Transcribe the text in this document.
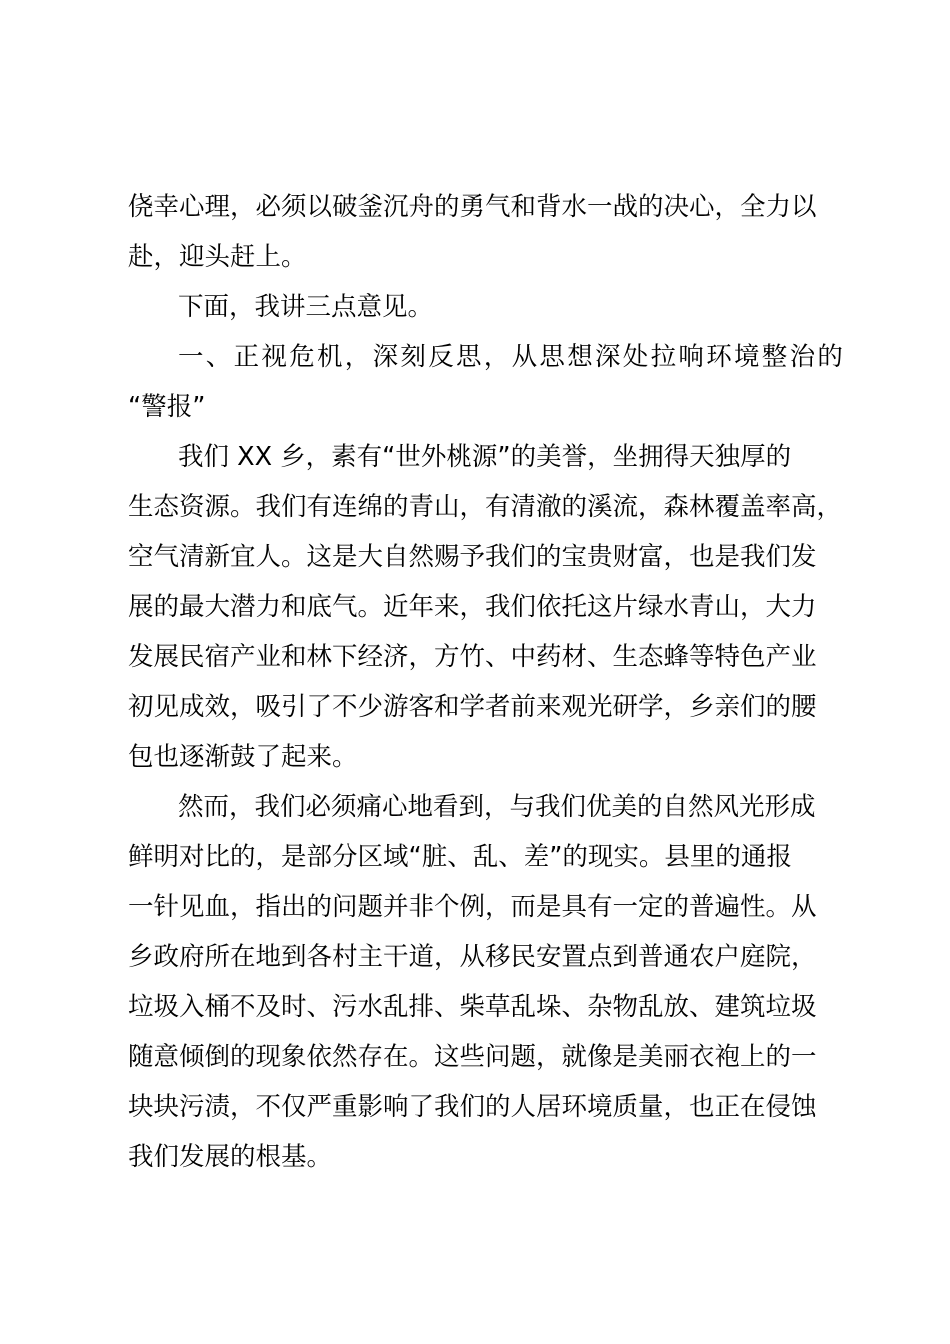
侥幸心理，必须以破釜沉舟的勇气和背水一战的决心，全力以
赴，迎头赶上。
下面，我讲三点意见。
一、正视危机，深刻反思，从思想深处拉响环境整治的
“警报”
我们 XX 乡，素有“世外桃源”的美誉，坐拥得天独厚的
生态资源。我们有连绵的青山，有清澈的溪流，森林覆盖率高，
空气清新宜人。这是大自然赐予我们的宝贵财富，也是我们发
展的最大潜力和底气。近年来，我们依托这片绿水青山，大力
发展民宿产业和林下经济，方竹、中药材、生态蜂等特色产业
初见成效，吸引了不少游客和学者前来观光研学，乡亲们的腰
包也逐渐鼓了起来。
然而，我们必须痛心地看到，与我们优美的自然风光形成
鲜明对比的，是部分区域“脏、乱、差”的现实。县里的通报
一针见血，指出的问题并非个例，而是具有一定的普遍性。从
乡政府所在地到各村主干道，从移民安置点到普通农户庭院，
垃圾入桶不及时、污水乱排、柴草乱垛、杂物乱放、建筑垃圾
随意倾倒的现象依然存在。这些问题，就像是美丽衣袍上的一
块块污渍，不仅严重影响了我们的人居环境质量，也正在侵蚀
我们发展的根基。
